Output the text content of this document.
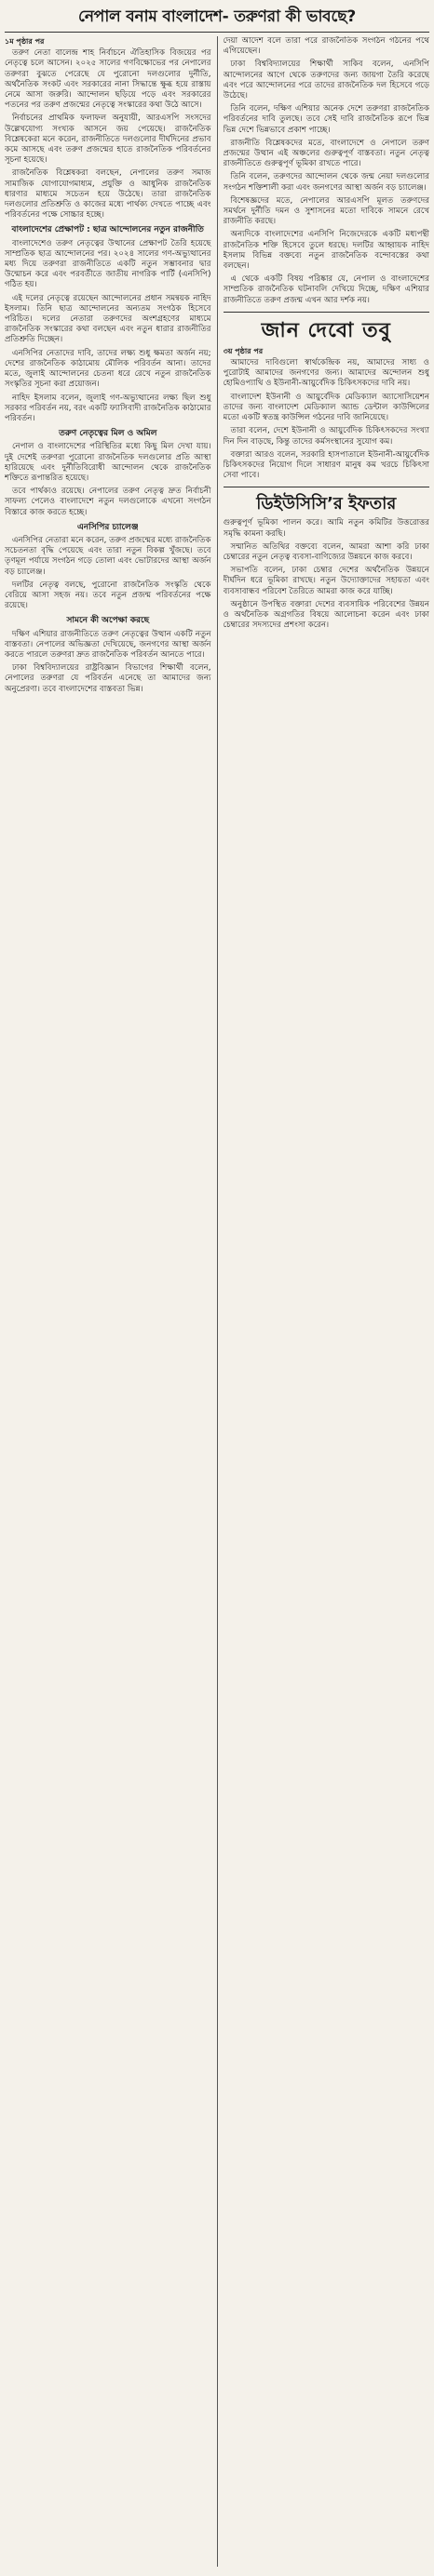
নেপাল বনাম বাংলাদেশ- তরুণরা কী ভাবছে?
১ম পৃষ্ঠার পর

তরুণ নেতা বালেন্দ্র শাহ নির্বাচনে ঐতিহাসিক বিজয়ের পর নেতৃত্বে চলে আসেন। ২০২৫ সালের গণবিক্ষোভের পর নেপালের তরুণরা বুঝতে পেরেছে যে পুরোনো দলগুলোর দুর্নীতি, অর্থনৈতিক সংকট এবং সরকারের নানা সিদ্ধান্তে ক্ষুব্ধ হয়ে রাস্তায় নেমে আসা জরুরি। আন্দোলন ছড়িয়ে পড়ে এবং সরকারের পতনের পর তরুণ প্রজন্মের নেতৃত্বে সংস্কারের কথা উঠে আসে।

নির্বাচনের প্রাথমিক ফলাফল অনুযায়ী, আরএসপি সংসদের উল্লেখযোগ্য সংখ্যক আসনে জয় পেয়েছে। রাজনৈতিক বিশ্লেষকেরা মনে করেন, রাজনীতিতে দলগুলোর দীর্ঘদিনের প্রভাব কমে আসছে এবং তরুণ প্রজন্মের হাতে রাজনৈতিক পরিবর্তনের সূচনা হয়েছে।

রাজনৈতিক বিশ্লেষকরা বলছেন, নেপালের তরুণ সমাজ সামাজিক যোগাযোগমাধ্যম, প্রযুক্তি ও আধুনিক রাজনৈতিক ধারণার মাধ্যমে সচেতন হয়ে উঠেছে। তারা রাজনৈতিক দলগুলোর প্রতিশ্রুতি ও কাজের মধ্যে পার্থক্য দেখতে পাচ্ছে এবং পরিবর্তনের পক্ষে সোচ্চার হচ্ছে।

বাংলাদেশের প্রেক্ষাপট : ছাত্র আন্দোলনের নতুন রাজনীতি

বাংলাদেশেও তরুণ নেতৃত্বের উত্থানের প্রেক্ষাপট তৈরি হয়েছে সাম্প্রতিক ছাত্র আন্দোলনের পর। ২০২৪ সালের গণ-অভ্যুত্থানের মধ্য দিয়ে তরুণরা রাজনীতিতে একটি নতুন সম্ভাবনার দ্বার উন্মোচন করে এবং পরবর্তীতে জাতীয় নাগরিক পার্টি (এনসিপি) গঠিত হয়।

এই দলের নেতৃত্বে রয়েছেন আন্দোলনের প্রধান সমন্বয়ক নাহিদ ইসলাম। তিনি ছাত্র আন্দোলনের অন্যতম সংগঠক হিসেবে পরিচিত। দলের নেতারা তরুণদের অংশগ্রহণের মাধ্যমে রাজনৈতিক সংস্কারের কথা বলছেন এবং নতুন ধারার রাজনীতির প্রতিশ্রুতি দিচ্ছেন।

এনসিপির নেতাদের দাবি, তাদের লক্ষ্য শুধু ক্ষমতা অর্জন নয়; দেশের রাজনৈতিক কাঠামোয় মৌলিক পরিবর্তন আনা। তাদের মতে, জুলাই আন্দোলনের চেতনা ধরে রেখে নতুন রাজনৈতিক সংস্কৃতির সূচনা করা প্রয়োজন।

নাহিদ ইসলাম বলেন, জুলাই গণ-অভ্যুত্থানের লক্ষ্য ছিল শুধু সরকার পরিবর্তন নয়, বরং একটি ফ্যাসিবাদী রাজনৈতিক কাঠামোর পরিবর্তন।

তরুণ নেতৃত্বের মিল ও অমিল

নেপাল ও বাংলাদেশের পরিস্থিতির মধ্যে কিছু মিল দেখা যায়। দুই দেশেই তরুণরা পুরোনো রাজনৈতিক দলগুলোর প্রতি আস্থা হারিয়েছে এবং দুর্নীতিবিরোধী আন্দোলন থেকে রাজনৈতিক শক্তিতে রূপান্তরিত হয়েছে।

তবে পার্থক্যও রয়েছে। নেপালের তরুণ নেতৃত্ব দ্রুত নির্বাচনী সাফল্য পেলেও বাংলাদেশে নতুন দলগুলোকে এখনো সংগঠন বিস্তারে কাজ করতে হচ্ছে।

এনসিপির চ্যালেঞ্জ

এনসিপির নেতারা মনে করেন, তরুণ প্রজন্মের মধ্যে রাজনৈতিক সচেতনতা বৃদ্ধি পেয়েছে এবং তারা নতুন বিকল্প খুঁজছে। তবে তৃণমূল পর্যায়ে সংগঠন গড়ে তোলা এবং ভোটারদের আস্থা অর্জন বড় চ্যালেঞ্জ।

দলটির নেতৃত্ব বলছে, পুরোনো রাজনৈতিক সংস্কৃতি থেকে বেরিয়ে আসা সহজ নয়। তবে নতুন প্রজন্ম পরিবর্তনের পক্ষে রয়েছে।

সামনে কী অপেক্ষা করছে

দক্ষিণ এশিয়ার রাজনীতিতে তরুণ নেতৃত্বের উত্থান একটি নতুন বাস্তবতা। নেপালের অভিজ্ঞতা দেখিয়েছে, জনগণের আস্থা অর্জন করতে পারলে তরুণরা দ্রুত রাজনৈতিক পরিবর্তন আনতে পারে।

ঢাকা বিশ্ববিদ্যালয়ের রাষ্ট্রবিজ্ঞান বিভাগের শিক্ষার্থী বলেন, নেপালের তরুণরা যে পরিবর্তন এনেছে তা আমাদের জন্য অনুপ্রেরণা। তবে বাংলাদেশের বাস্তবতা ভিন্ন।

দেয়া আদেশ বলে তারা পরে রাজনৈতিক সংগঠন গঠনের পথে এগিয়েছেন।

ঢাকা বিশ্ববিদ্যালয়ের শিক্ষার্থী সাকিব বলেন, এনসিপি আন্দোলনের আগে থেকে তরুণদের জন্য জায়গা তৈরি করেছে এবং পরে আন্দোলনের পরে তাদের রাজনৈতিক দল হিসেবে গড়ে উঠেছে।

তিনি বলেন, দক্ষিণ এশিয়ার অনেক দেশে তরুণরা রাজনৈতিক পরিবর্তনের দাবি তুলছে। তবে সেই দাবি রাজনৈতিক রূপে ভিন্ন ভিন্ন দেশে ভিন্নভাবে প্রকাশ পাচ্ছে।

রাজনীতি বিশ্লেষকদের মতে, বাংলাদেশে ও নেপালে তরুণ প্রজন্মের উত্থান এই অঞ্চলের গুরুত্বপূর্ণ বাস্তবতা। নতুন নেতৃত্ব রাজনীতিতে গুরুত্বপূর্ণ ভূমিকা রাখতে পারে।

তিনি বলেন, তরুণদের আন্দোলন থেকে জন্ম নেয়া দলগুলোর সংগঠন শক্তিশালী করা এবং জনগণের আস্থা অর্জন বড় চ্যালেঞ্জ।

বিশেষজ্ঞদের মতে, নেপালের আরএসপি মূলত তরুণদের সমর্থনে দুর্নীতি দমন ও সুশাসনের মতো দাবিকে সামনে রেখে রাজনীতি করছে।

অন্যদিকে বাংলাদেশের এনসিপি নিজেদেরকে একটি মধ্যপন্থী রাজনৈতিক শক্তি হিসেবে তুলে ধরছে। দলটির আহ্বায়ক নাহিদ ইসলাম বিভিন্ন বক্তব্যে নতুন রাজনৈতিক বন্দোবস্তের কথা বলছেন।

এ থেকে একটি বিষয় পরিষ্কার যে, নেপাল ও বাংলাদেশের সাম্প্রতিক রাজনৈতিক ঘটনাবলি দেখিয়ে দিচ্ছে, দক্ষিণ এশিয়ার রাজনীতিতে তরুণ প্রজন্ম এখন আর দর্শক নয়।

জান দেবো তবু
৩য় পৃষ্ঠার পর

আমাদের দাবিগুলো স্বার্থকেন্দ্রিক নয়, আমাদের সাধ্য ও পুরোটাই আমাদের জনগণের জন্য। আমাদের অন্দোলন শুধু হোমিওপ্যাথি ও ইউনানী-আয়ুর্বেদিক চিকিৎসকদের দাবি নয়।

বাংলাদেশ ইউনানী ও আয়ুর্বেদিক মেডিক্যাল অ্যাসোসিয়েশন তাদের জন্য বাংলাদেশ মেডিক্যাল অ্যান্ড ডেন্টাল কাউন্সিলের মতো একটি স্বতন্ত্র কাউন্সিল গঠনের দাবি জানিয়েছে।

তারা বলেন, দেশে ইউনানী ও আয়ুর্বেদিক চিকিৎসকদের সংখ্যা দিন দিন বাড়ছে, কিন্তু তাদের কর্মসংস্থানের সুযোগ কম।

বক্তারা আরও বলেন, সরকারি হাসপাতালে ইউনানী-আয়ুর্বেদিক চিকিৎসকদের নিয়োগ দিলে সাধারণ মানুষ কম খরচে চিকিৎসা সেবা পাবে।

ডিইউসিসি’র ইফতার

গুরুত্বপূর্ণ ভূমিকা পালন করে। আমি নতুন কমিটির উত্তরোত্তর সমৃদ্ধি কামনা করছি।

সম্মানিত অতিথির বক্তব্যে বলেন, আমরা আশা করি ঢাকা চেম্বারের নতুন নেতৃত্ব ব্যবসা-বাণিজ্যের উন্নয়নে কাজ করবে।

সভাপতি বলেন, ঢাকা চেম্বার দেশের অর্থনৈতিক উন্নয়নে দীর্ঘদিন ধরে ভূমিকা রাখছে। নতুন উদ্যোক্তাদের সহায়তা এবং ব্যবসাবান্ধব পরিবেশ তৈরিতে আমরা কাজ করে যাচ্ছি।

অনুষ্ঠানে উপস্থিত বক্তারা দেশের ব্যবসায়িক পরিবেশের উন্নয়ন ও অর্থনৈতিক অগ্রগতির বিষয়ে আলোচনা করেন এবং ঢাকা চেম্বারের সদস্যদের প্রশংসা করেন।
